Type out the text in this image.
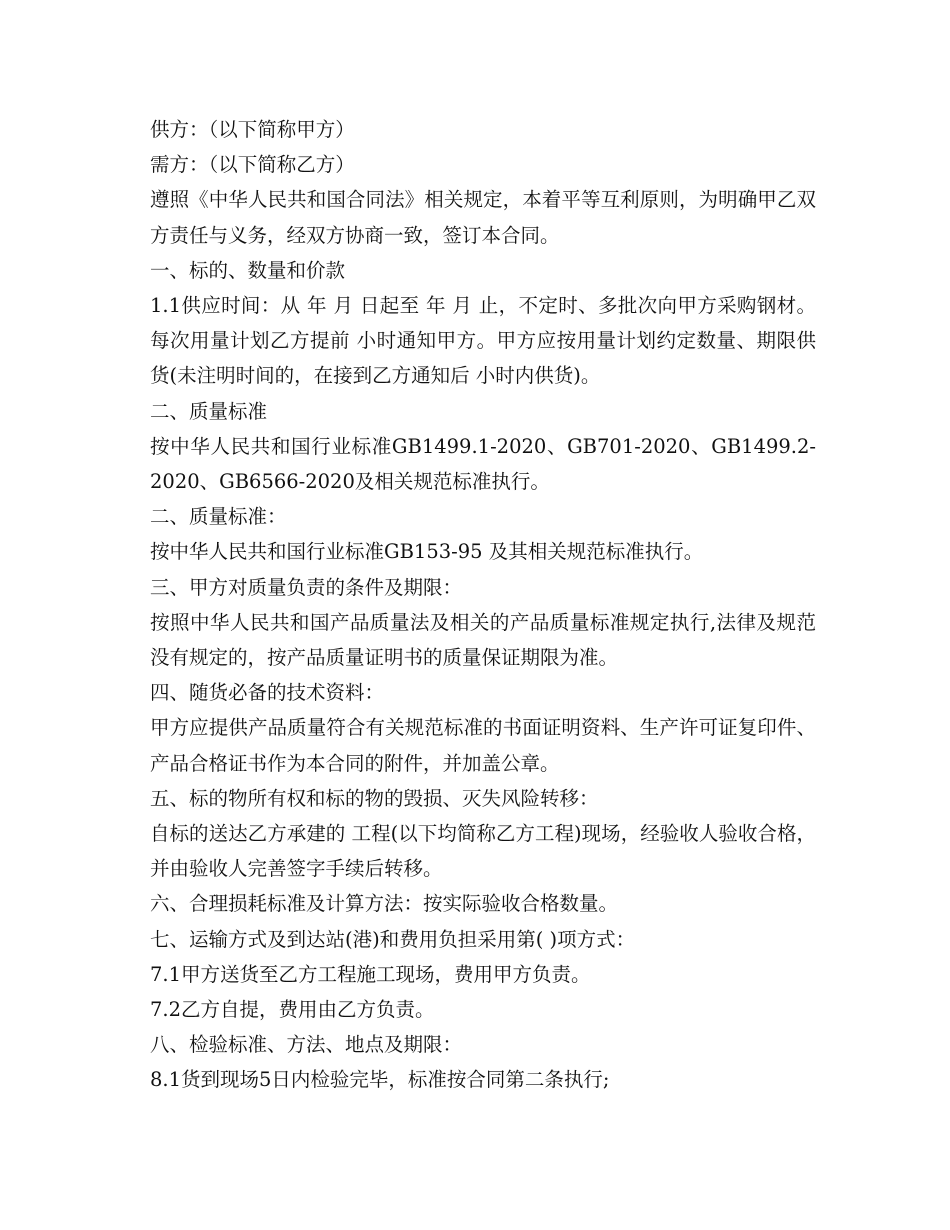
供方：（以下简称甲方）

需方：（以下简称乙方）

遵照《中华人民共和国合同法》相关规定，本着平等互利原则，为明确甲乙双方责任与义务，经双方协商一致，签订本合同。

一、标的、数量和价款

1.1供应时间：从 年 月 日起至 年 月 止，不定时、多批次向甲方采购钢材。每次用量计划乙方提前 小时通知甲方。甲方应按用量计划约定数量、期限供货(未注明时间的，在接到乙方通知后 小时内供货)。

二、质量标准

按中华人民共和国行业标准GB1499.1-2020、GB701-2020、GB1499.2-2020、GB6566-2020及相关规范标准执行。

二、质量标准：

按中华人民共和国行业标准GB153-95 及其相关规范标准执行。

三、甲方对质量负责的条件及期限：

按照中华人民共和国产品质量法及相关的产品质量标准规定执行,法律及规范没有规定的，按产品质量证明书的质量保证期限为准。

四、随货必备的技术资料：

甲方应提供产品质量符合有关规范标准的书面证明资料、生产许可证复印件、产品合格证书作为本合同的附件，并加盖公章。

五、标的物所有权和标的物的毁损、灭失风险转移：

自标的送达乙方承建的 工程(以下均简称乙方工程)现场，经验收人验收合格，并由验收人完善签字手续后转移。

六、合理损耗标准及计算方法：按实际验收合格数量。

七、运输方式及到达站(港)和费用负担采用第( )项方式：

7.1甲方送货至乙方工程施工现场，费用甲方负责。

7.2乙方自提，费用由乙方负责。

八、检验标准、方法、地点及期限：

8.1货到现场5日内检验完毕，标准按合同第二条执行;
